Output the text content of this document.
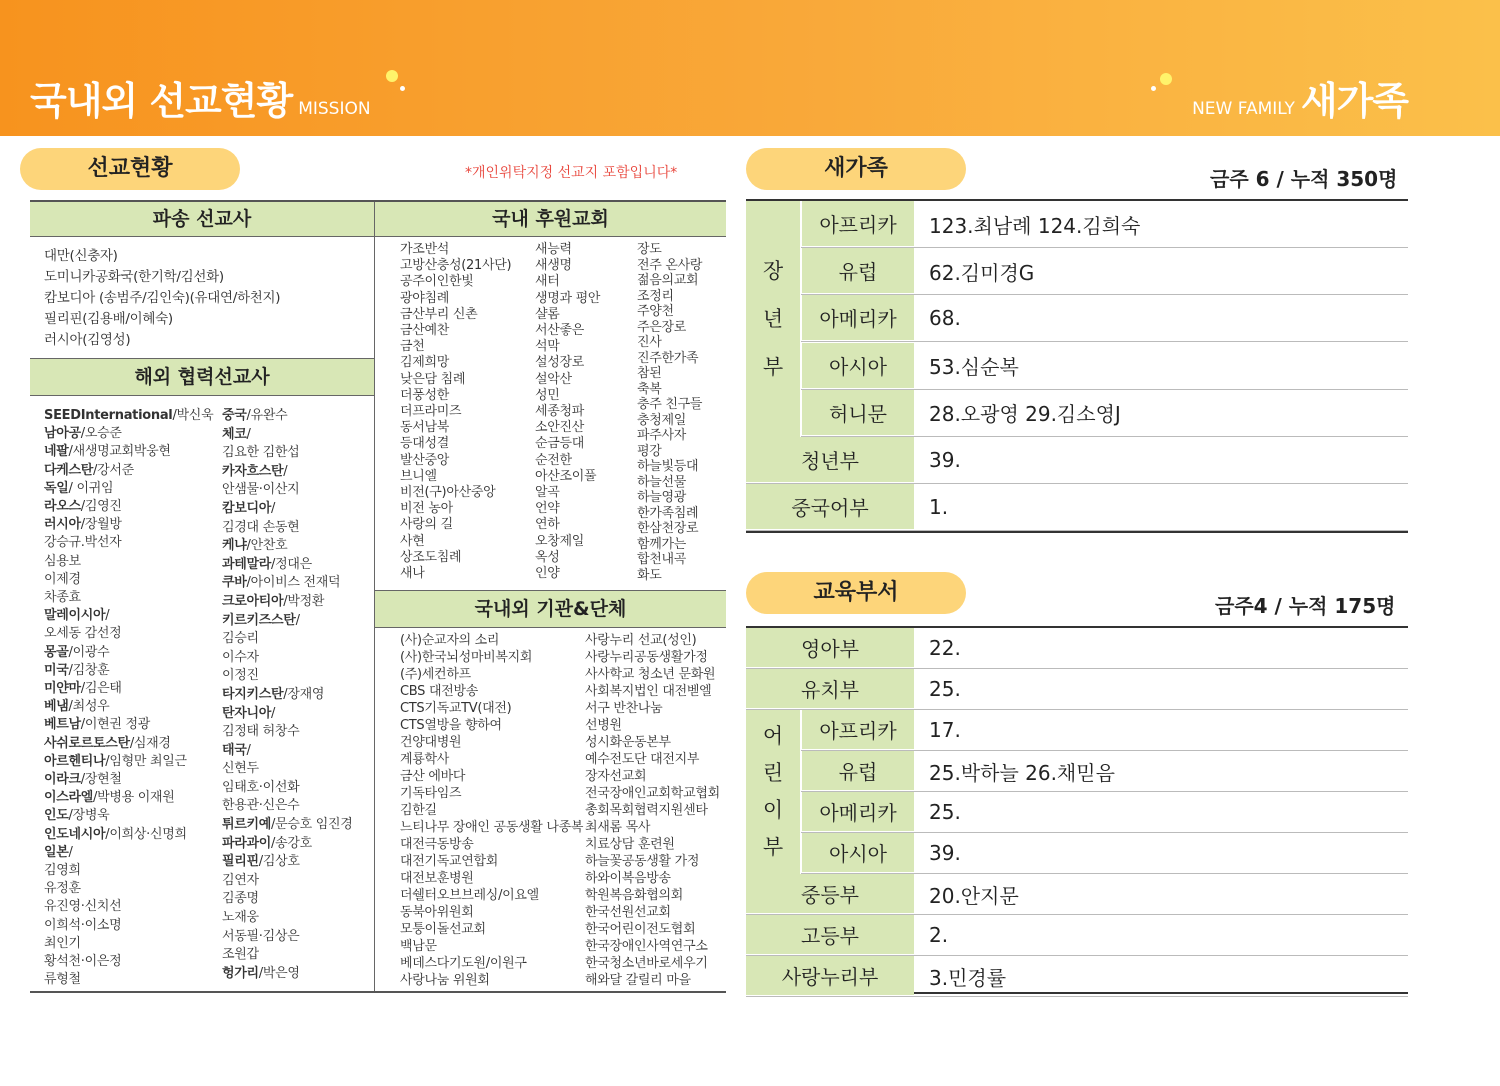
국내외 선교현황 MISSION	NEW FAMILY 새가족
선교현황	*개인위탁지정 선교지 포함입니다*
파송 선교사
대만(신충자)
도미니카공화국(한기학/김선화)
캄보디아 (송범주/김인숙)(유대연/하천지)
필리핀(김용배/이혜숙)
러시아(김영성)
해외 협력선교사
SEEDInternational/박신욱
남아공/오승준
네팔/새생명교회박웅현
다케스탄/강서준
독일/ 이귀임
라오스/김영진
러시아/장월방
강승규.박선자
심용보
이제경
차종효
말레이시아/
오세동 감선정
몽골/이광수
미국/김창훈
미얀마/김은태
베냄/최성우
베트남/이현권 정광
사쉬로르토스탄/심재경
아르헨티나/임형만 최일근
이라크/장현철
이스라엘/박병용 이재원
인도/장병욱
인도네시아/이희상·신명희
일본/
김영희
유정훈
유진영·신치선
이희석·이소명
최인기
황석천·이은정
류형철
중국/유완수
체코/
김요한 김한섭
카자흐스탄/
안샘물·이산지
캄보디아/
김경대 손동현
케냐/안찬호
과테말라/정대은
쿠바/아이비스 전재덕
크로아티아/박정환
키르키즈스탄/
김승리
이수자
이정진
타지키스탄/장재영
탄자니아/
김정태 허창수
태국/
신현두
임태호·이선화
한용관·신은수
튀르키예/문승호 임진경
파라과이/송강호
필리핀/김상호
김연자
김종명
노재웅
서동필·김상은
조원갑
헝가리/박은영
국내 후원교회
가조반석
고방산충성(21사단)
공주이인한빛
광야침례
금산부리 신촌
금산예찬
금천
김제희망
낮은담 침례
더풍성한
더프라미즈
동서남북
등대성결
발산중앙
브니엘
비전(구)아산중앙
비전 농아
사랑의 길
사현
상조도침례
새나
새능력
새생명
새터
생명과 평안
샬롬
서산좋은
석막
설성장로
설악산
성민
세종청파
소안진산
순금등대
순전한
아산조이풀
알곡
언약
연하
오창제일
옥성
인양
장도
전주 온사랑
젊음의교회
조정리
주양천
주은장로
진사
진주한가족
참된
축복
충주 친구들
충청제일
파주사자
평강
하늘빛등대
하늘선물
하늘영광
한가족침례
한삼천장로
함께가는
합천내곡
화도
국내외 기관&단체
(사)순교자의 소리
(사)한국뇌성마비복지회
(주)세컨하프
CBS 대전방송
CTS기독교TV(대전)
CTS열방을 향하여
건양대병원
계룡학사
금산 에바다
기독타임즈
김한길
느티나무 장애인 공동생활 나종복
대전극동방송
대전기독교연합회
대전보훈병원
더쉘터오브브레싱/이요엘
동북아위원회
모퉁이돌선교회
백남문
베데스다기도원/이원구
사랑나눔 위원회
사랑누리 선교(성인)
사랑누리공동생활가정
사사학교 청소년 문화원
사회복지법인 대전벧엘
서구 반찬나눔
선병원
성시화운동본부
예수전도단 대전지부
장자선교회
전국장애인교회학교협회
총회목회협력지원센타
최새롬 목사
치료상담 훈련원
하늘꽃공동생활 가정
하와이복음방송
학원복음화협의회
한국선원선교회
한국어린이전도협회
한국장애인사역연구소
한국청소년바로세우기
해와달 갈릴리 마을
새가족	금주 6 / 누적 350명
아프리카	123.최남례 124.김희숙
유럽	62.김미경G
아메리카	68.
아시아	53.심순복
허니문	28.오광영 29.김소영J
청년부	39.
중국어부	1.
장
년
부
교육부서
금주4 / 누적 175명
영아부	22.
유치부	25.
아프리카	17.
유럽	25.박하늘 26.채믿음
아메리카	25.
아시아	39.
중등부	20.안지문
고등부	2.
사랑누리부	3.민경률
어
린
이
부
